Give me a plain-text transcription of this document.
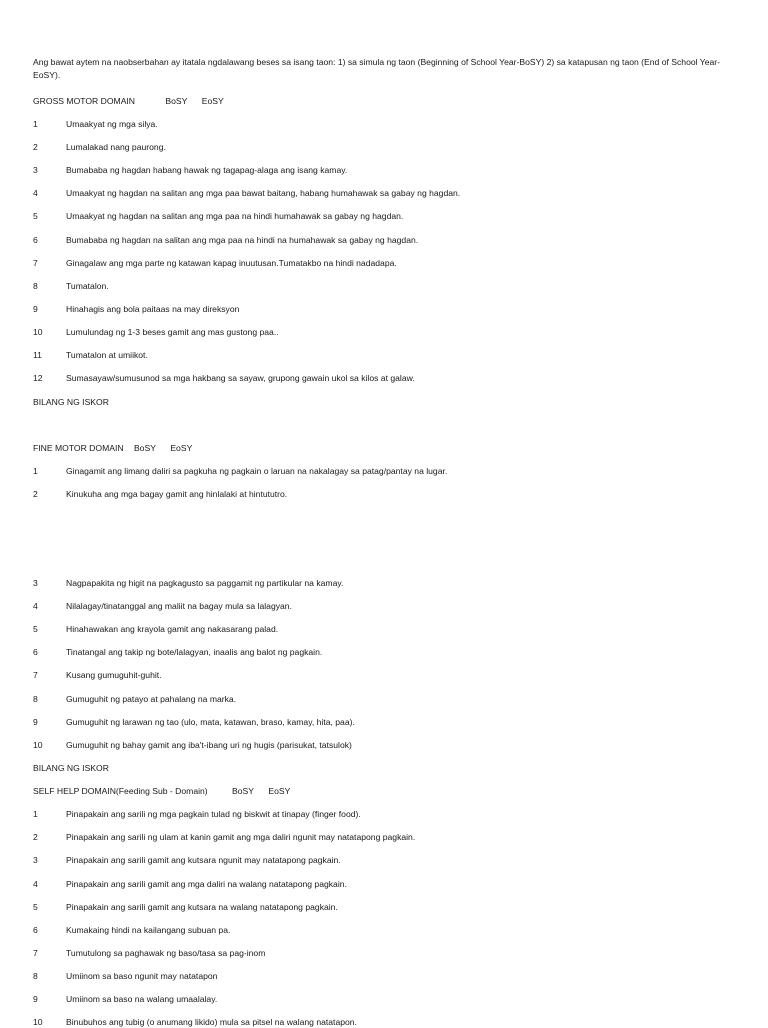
Ang bawat aytem na naobserbahan ay itatala ngdalawang beses sa isang taon: 1) sa simula ng taon (Beginning of School Year-BoSY) 2) sa katapusan ng taon (End of School Year-EoSY).
GROSS MOTOR DOMAIN	BoSY EoSY
1	Umaakyat ng mga silya.
2	Lumalakad nang paurong.
3	Bumababa ng hagdan habang hawak ng tagapag-alaga ang isang kamay.
4	Umaakyat ng hagdan na salitan ang mga paa bawat baitang, habang humahawak sa gabay ng hagdan.
5	Umaakyat ng hagdan na salitan ang mga paa na hindi humahawak sa gabay ng hagdan.
6	Bumababa ng hagdan na salitan ang mga paa na hindi na humahawak sa gabay ng hagdan.
7	Ginagalaw ang mga parte ng katawan kapag inuutusan.Tumatakbo na hindi nadadapa.
8	Tumatalon.
9	Hinahagis ang bola paitaas na may direksyon
10	Lumulundag ng 1-3 beses gamit ang mas gustong paa..
11	Tumatalon at umiikot.
12	Sumasayaw/sumusunod sa mga hakbang sa sayaw, grupong gawain ukol sa kilos at galaw.
BILANG NG ISKOR
FINE MOTOR DOMAIN BoSY EoSY
1	Ginagamit ang limang daliri sa pagkuha ng pagkain o laruan na nakalagay sa patag/pantay na lugar.
2	Kinukuha ang mga bagay gamit ang hinlalaki at hintututro.
3	Nagpapakita ng higit na pagkagusto sa paggamit ng partikular na kamay.
4	Nilalagay/tinatanggal ang maliit na bagay mula sa lalagyan.
5	Hinahawakan ang krayola gamit ang nakasarang palad.
6	Tinatangal ang takip ng bote/lalagyan, inaalis ang balot ng pagkain.
7	Kusang gumuguhit-guhit.
8	Gumuguhit ng patayo at pahalang na marka.
9	Gumuguhit ng larawan ng tao (ulo, mata, katawan, braso, kamay, hita, paa).
10	Gumuguhit ng bahay gamit ang iba't-ibang uri ng hugis (parisukat, tatsulok)
BILANG NG ISKOR
SELF HELP DOMAIN(Feeding Sub - Domain)	BoSY EoSY
1	Pinapakain ang sarili ng mga pagkain tulad ng biskwit at tinapay (finger food).
2	Pinapakain ang sarili ng ulam at kanin gamit ang mga daliri ngunit may natatapong pagkain.
3	Pinapakain ang sarili gamit ang kutsara ngunit may natatapong pagkain.
4	Pinapakain ang sarili gamit ang mga daliri na walang natatapong pagkain.
5	Pinapakain ang sarili gamit ang kutsara na walang natatapong pagkain.
6	Kumakaing hindi na kailangang subuan pa.
7	Tumutulong sa paghawak ng baso/tasa sa pag-inom
8	Umiinom sa baso ngunit may natatapon
9	Umiinom sa baso na walang umaalalay.
10	Binubuhos ang tubig (o anumang likido) mula sa pitsel na walang natatapon.
